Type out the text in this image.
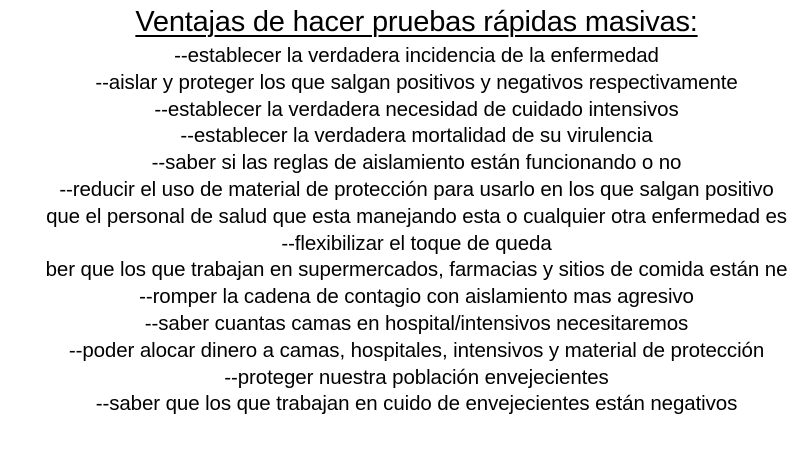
Ventajas de hacer pruebas rápidas masivas:
--establecer la verdadera incidencia de la enfermedad
--aislar y proteger los que salgan positivos y negativos respectivamente
--establecer la verdadera necesidad de cuidado intensivos
--establecer la verdadera mortalidad de su virulencia
--saber si las reglas de aislamiento están funcionando o no
--reducir el uso de material de protección para usarlo en los que salgan positivo
que el personal de salud que esta manejando esta o cualquier otra enfermedad es
--flexibilizar el toque de queda
ber que los que trabajan en supermercados, farmacias y sitios de comida están ne
--romper la cadena de contagio con aislamiento mas agresivo
--saber cuantas camas en hospital/intensivos necesitaremos
--poder alocar dinero a camas, hospitales, intensivos y material de protección
--proteger nuestra población envejecientes
--saber que los que trabajan en cuido de envejecientes están negativos
